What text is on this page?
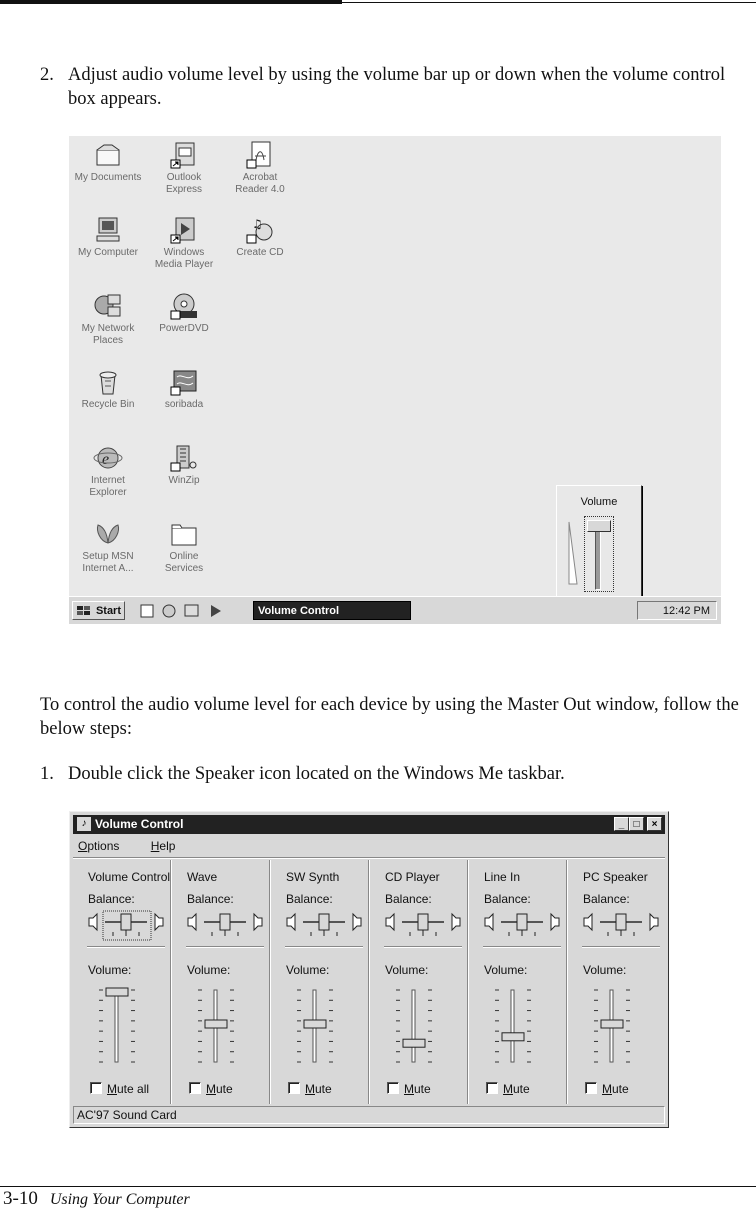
2. Adjust audio volume level by using the volume bar up or down when the volume control box appears.
My Documents
My Computer
My Network
Places
Recycle Bin
e
Internet
Explorer
Setup MSN
Internet A...
Outlook
Express
Windows
Media Player
PowerDVD
soribada
WinZip
Online
Services
Acrobat
Reader 4.0
♫
Create CD
Volume
Start	Volume Control	12:42 PM
To control the audio volume level for each device by using the Master Out window, follow the below steps:
1. Double click the Speaker icon located on the Windows Me taskbar.
♪ Volume Control	_ □	×
Options	Help
Volume Control
Balance:
Volume:
Mute all
Wave
Balance:
Volume:
Mute
SW Synth
Balance:
Volume:
Mute
CD Player
Balance:
Volume:
Mute
Line In
Balance:
Volume:
Mute
PC Speaker
Balance:
Volume:
Mute
AC'97 Sound Card
3-10 Using Your Computer
